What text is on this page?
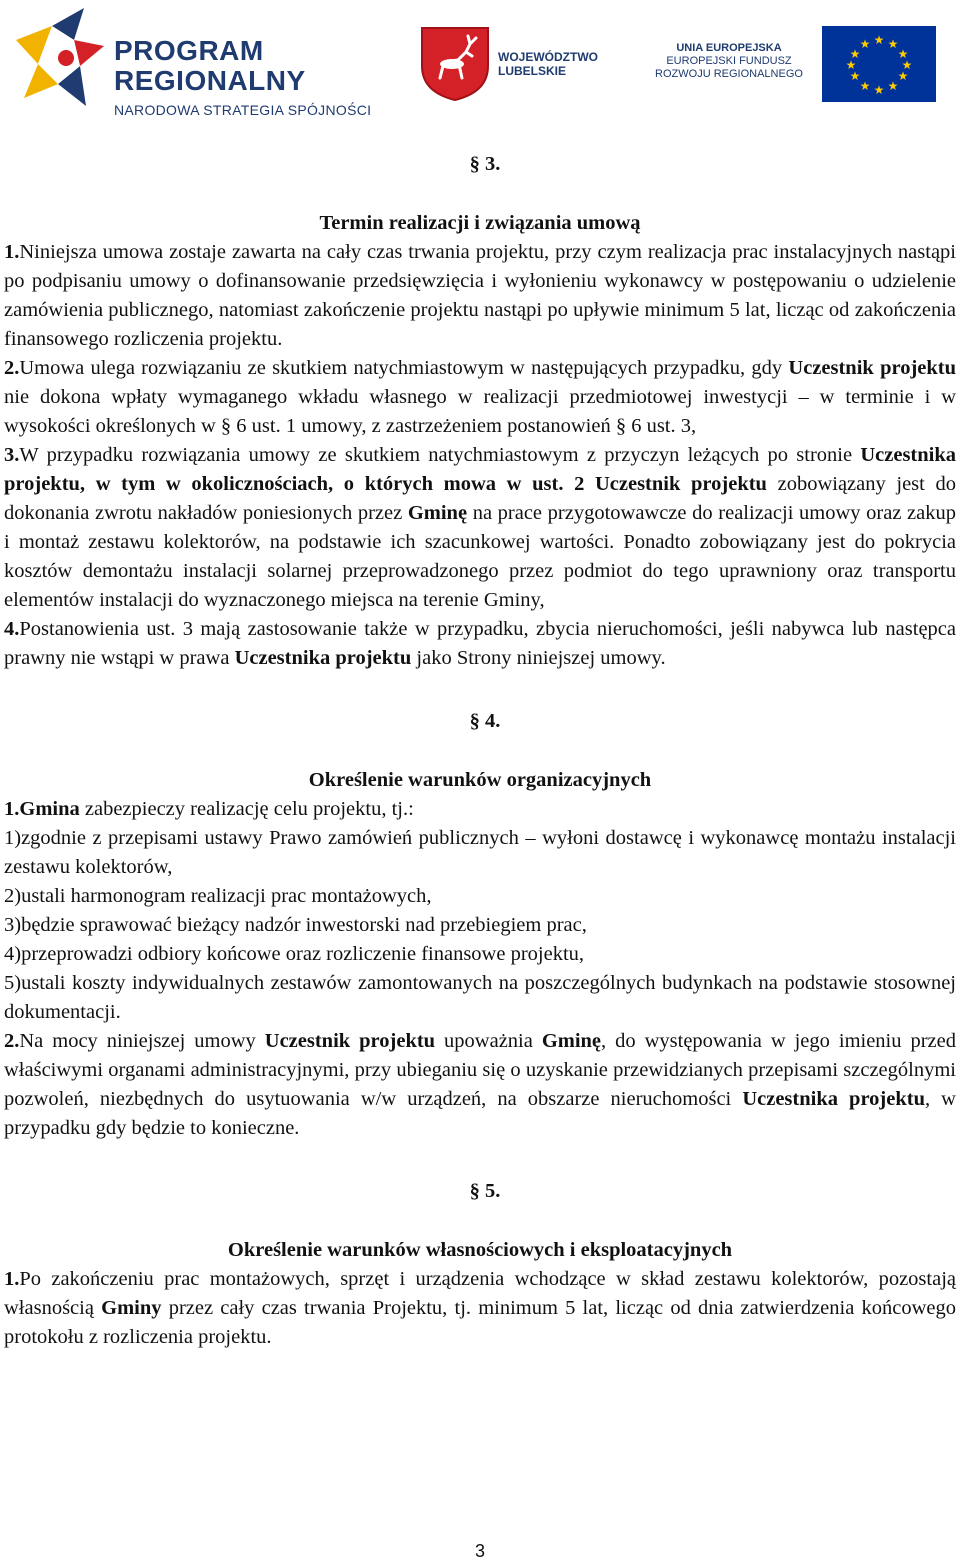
PROGRAM
REGIONALNY
NARODOWA STRATEGIA SPÓJNOŚCI
WOJEWÓDZTWO
LUBELSKIE
UNIA EUROPEJSKA
EUROPEJSKI FUNDUSZ
ROZWOJU REGIONALNEGO
★ ★
★
★
★
★
★
★
★
★
★
★

§ 3.

Termin realizacji i związania umową

1.Niniejsza umowa zostaje zawarta na cały czas trwania projektu, przy czym realizacja prac instalacyjnych nastąpi po podpisaniu umowy o dofinansowanie przedsięwzięcia i wyłonieniu wykonawcy w postępowaniu o udzielenie zamówienia publicznego, natomiast zakończenie projektu nastąpi po upływie minimum 5 lat, licząc od zakończenia finansowego rozliczenia projektu.

2.Umowa ulega rozwiązaniu ze skutkiem natychmiastowym w następujących przypadku, gdy Uczestnik projektu nie dokona wpłaty wymaganego wkładu własnego w realizacji przedmiotowej inwestycji – w terminie i w wysokości określonych w § 6 ust. 1 umowy, z zastrzeżeniem postanowień § 6 ust. 3,

3.W przypadku rozwiązania umowy ze skutkiem natychmiastowym z przyczyn leżących po stronie Uczestnika projektu, w tym w okolicznościach, o których mowa w ust. 2 Uczestnik projektu zobowiązany jest do dokonania zwrotu nakładów poniesionych przez Gminę na prace przygotowawcze do realizacji umowy oraz zakup i montaż zestawu kolektorów, na podstawie ich szacunkowej wartości. Ponadto zobowiązany jest do pokrycia kosztów demontażu instalacji solarnej przeprowadzonego przez podmiot do tego uprawniony oraz transportu elementów instalacji do wyznaczonego miejsca na terenie Gminy,

4.Postanowienia ust. 3 mają zastosowanie także w przypadku, zbycia nieruchomości, jeśli nabywca lub następca prawny nie wstąpi w prawa Uczestnika projektu jako Strony niniejszej umowy.

§ 4.

Określenie warunków organizacyjnych

1.Gmina zabezpieczy realizację celu projektu, tj.:

1)zgodnie z przepisami ustawy Prawo zamówień publicznych – wyłoni dostawcę i wykonawcę montażu instalacji zestawu kolektorów,

2)ustali harmonogram realizacji prac montażowych,

3)będzie sprawować bieżący nadzór inwestorski nad przebiegiem prac,

4)przeprowadzi odbiory końcowe oraz rozliczenie finansowe projektu,

5)ustali koszty indywidualnych zestawów zamontowanych na poszczególnych budynkach na podstawie stosownej dokumentacji.

2.Na mocy niniejszej umowy Uczestnik projektu upoważnia Gminę, do występowania w jego imieniu przed właściwymi organami administracyjnymi, przy ubieganiu się o uzyskanie przewidzianych przepisami szczególnymi pozwoleń, niezbędnych do usytuowania w/w urządzeń, na obszarze nieruchomości Uczestnika projektu, w przypadku gdy będzie to konieczne.

§ 5.

Określenie warunków własnościowych i eksploatacyjnych

1.Po zakończeniu prac montażowych, sprzęt i urządzenia wchodzące w skład zestawu kolektorów, pozostają własnością Gminy przez cały czas trwania Projektu, tj. minimum 5 lat, licząc od dnia zatwierdzenia końcowego protokołu z rozliczenia projektu.

3
